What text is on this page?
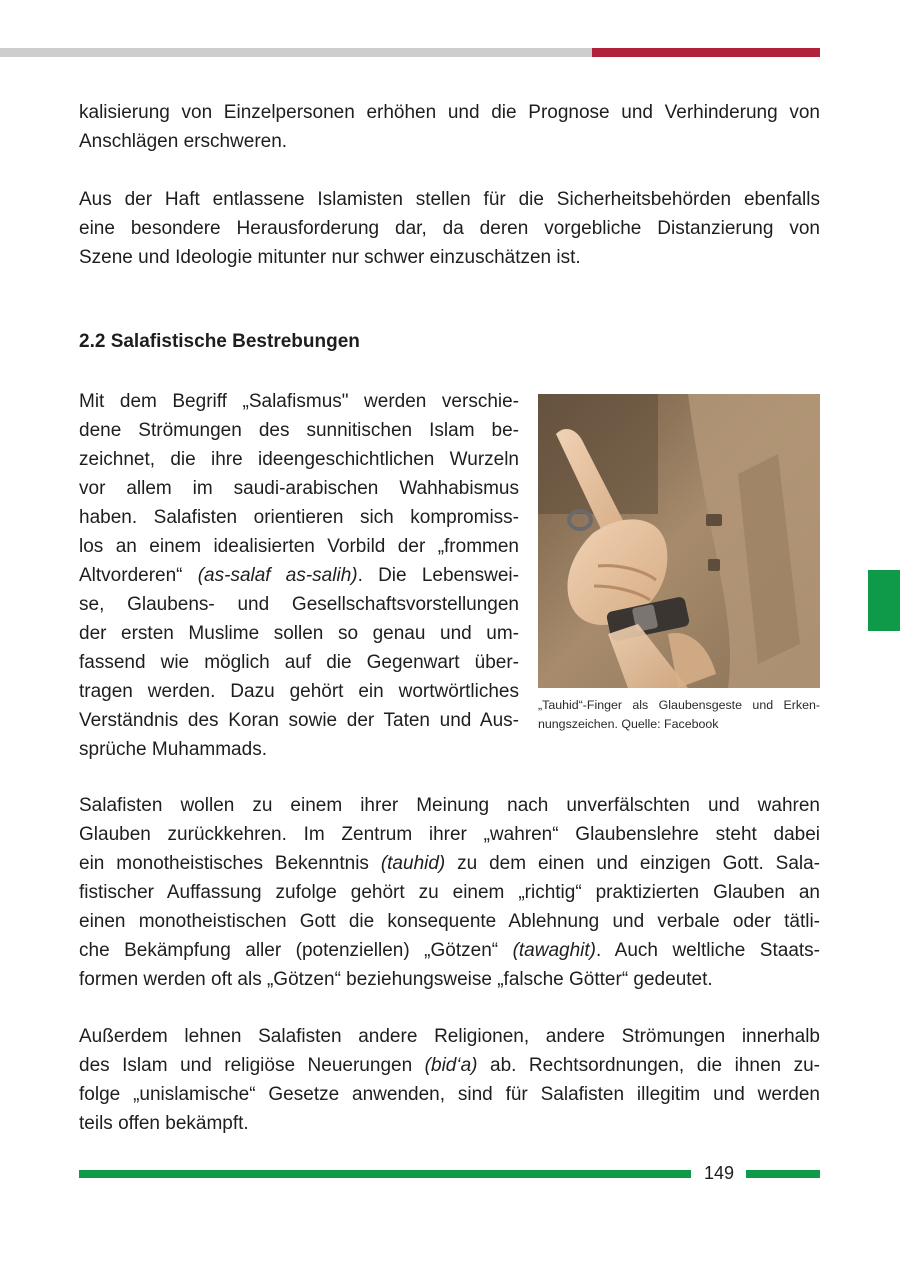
kalisierung von Einzelpersonen erhöhen und die Prognose und Verhinderung von
Anschlägen erschweren.

Aus der Haft entlassene Islamisten stellen für die Sicherheitsbehörden ebenfalls
eine besondere Herausforderung dar, da deren vorgebliche Distanzierung von
Szene und Ideologie mitunter nur schwer einzuschätzen ist.

2.2 Salafistische Bestrebungen

Mit dem Begriff „Salafismus" werden verschie-
dene Strömungen des sunnitischen Islam be-
zeichnet, die ihre ideengeschichtlichen Wurzeln
vor allem im saudi-arabischen Wahhabismus
haben. Salafisten orientieren sich kompromiss-
los an einem idealisierten Vorbild der „frommen
Altvorderen“ (as-salaf as-salih). Die Lebenswei-
se, Glaubens- und Gesellschaftsvorstellungen
der ersten Muslime sollen so genau und um-
fassend wie möglich auf die Gegenwart über-
tragen werden. Dazu gehört ein wortwörtliches
Verständnis des Koran sowie der Taten und Aus-
sprüche Muhammads.

„Tauhid“-Finger als Glaubensgeste und Erken-
nungszeichen. Quelle: Facebook

Salafisten wollen zu einem ihrer Meinung nach unverfälschten und wahren
Glauben zurückkehren. Im Zentrum ihrer „wahren“ Glaubenslehre steht dabei
ein monotheistisches Bekenntnis (tauhid) zu dem einen und einzigen Gott. Sala-
fistischer Auffassung zufolge gehört zu einem „richtig“ praktizierten Glauben an
einen monotheistischen Gott die konsequente Ablehnung und verbale oder tätli-
che Bekämpfung aller (potenziellen) „Götzen“ (tawaghit). Auch weltliche Staats-
formen werden oft als „Götzen“ beziehungsweise „falsche Götter“ gedeutet.

Außerdem lehnen Salafisten andere Religionen, andere Strömungen innerhalb
des Islam und religiöse Neuerungen (bid‘a) ab. Rechtsordnungen, die ihnen zu-
folge „unislamische“ Gesetze anwenden, sind für Salafisten illegitim und werden
teils offen bekämpft.

149
